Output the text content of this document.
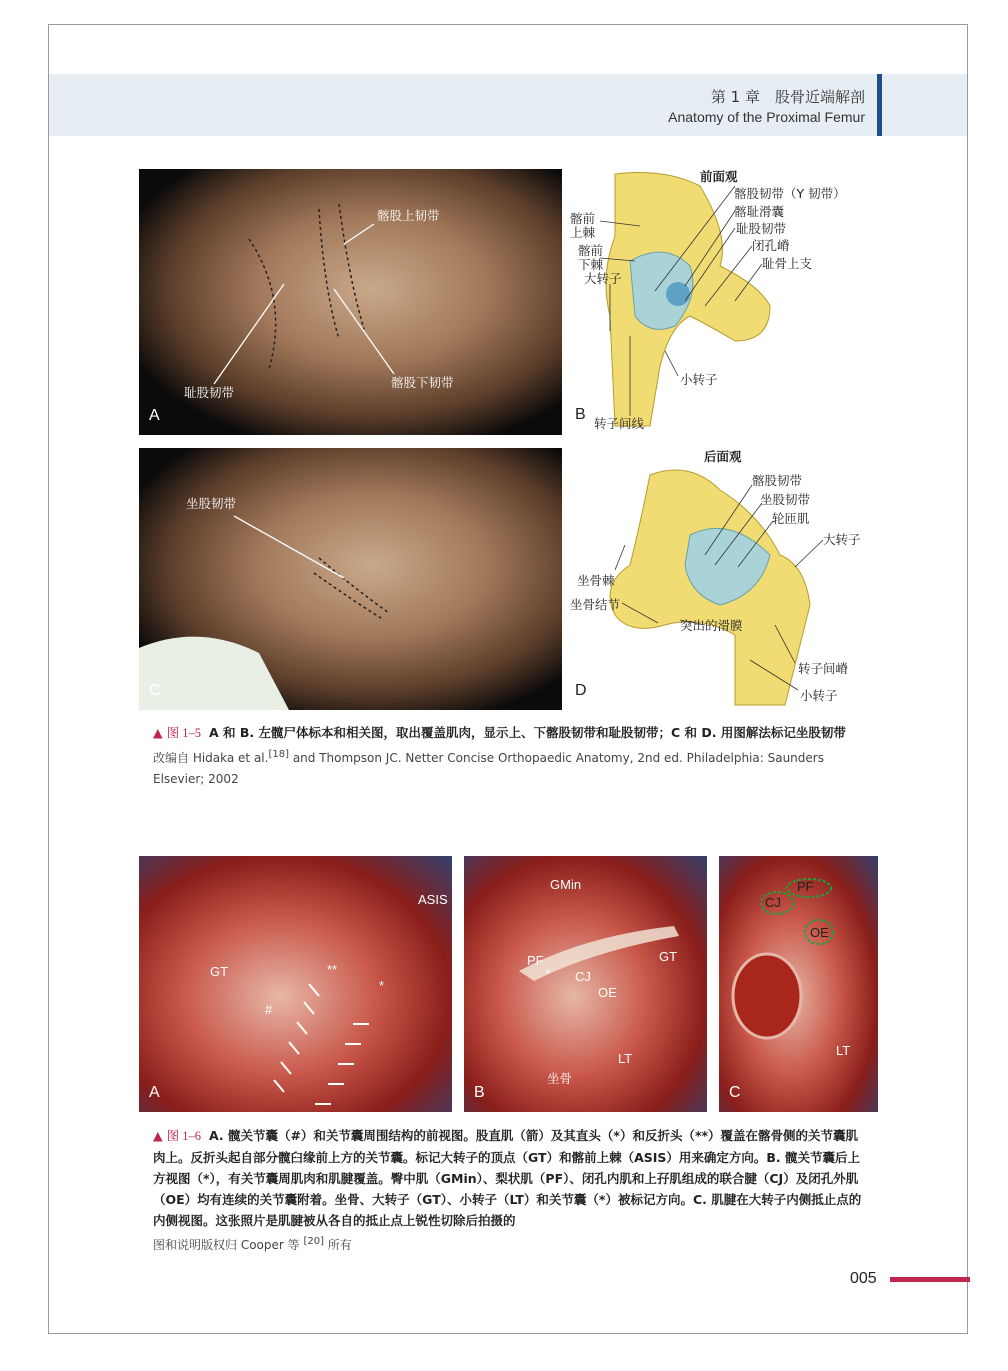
第 1 章　股骨近端解剖
Anatomy of the Proximal Femur
髂股上韧带
耻股韧带
髂股下韧带
A
前面观
髂股韧带（Y 韧带）
髂耻滑囊
耻股韧带
闭孔嵴
耻骨上支
髂前
上棘
髂前
下棘
大转子
小转子
转子间线
B
坐股韧带
C
后面观
髂股韧带
坐股韧带
轮匝肌
大转子
坐骨棘
坐骨结节
突出的滑膜
转子间嵴
小转子
D
▲ 图 1–5 A 和 B. 左髋尸体标本和相关图，取出覆盖肌肉，显示上、下髂股韧带和耻股韧带；C 和 D. 用图解法标记坐股韧带
改编自 Hidaka et al.[18] and Thompson JC. Netter Concise Orthopaedic Anatomy, 2nd ed. Philadelphia: Saunders Elsevier; 2002
ASIS
GT	**
*
#
A
GMin
PF
* CJ
OE
GT
LT
坐骨
B
PF
CJ
OE
LT
C
▲ 图 1–6 A. 髋关节囊（#）和关节囊周围结构的前视图。股直肌（箭）及其直头（*）和反折头（**）覆盖在髂骨侧的关节囊肌肉上。反折头起自部分髋臼缘前上方的关节囊。标记大转子的顶点（GT）和髂前上棘（ASIS）用来确定方向。B. 髋关节囊后上方视图（*），有关节囊周肌肉和肌腱覆盖。臀中肌（GMin）、梨状肌（PF）、闭孔内肌和上孖肌组成的联合腱（CJ）及闭孔外肌（OE）均有连续的关节囊附着。坐骨、大转子（GT）、小转子（LT）和关节囊（*）被标记方向。C. 肌腱在大转子内侧抵止点的内侧视图。这张照片是肌腱被从各自的抵止点上锐性切除后拍摄的
图和说明版权归 Cooper 等 [20] 所有
005
